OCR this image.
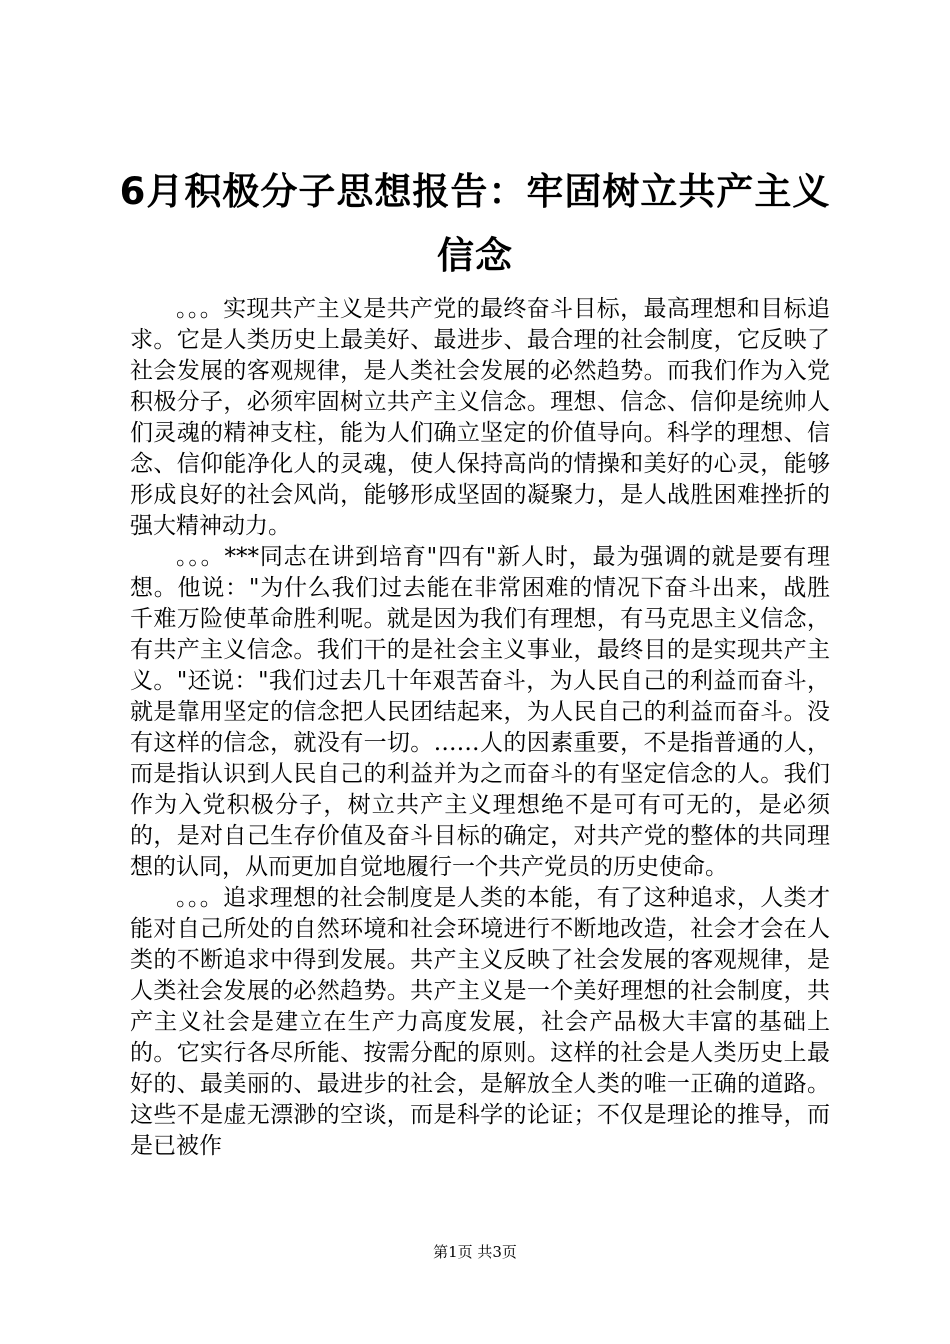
6月积极分子思想报告：牢固树立共产主义信念

。。。实现共产主义是共产党的最终奋斗目标，最高理想和目标追求。它是人类历史上最美好、最进步、最合理的社会制度，它反映了社会发展的客观规律，是人类社会发展的必然趋势。而我们作为入党积极分子，必须牢固树立共产主义信念。理想、信念、信仰是统帅人们灵魂的精神支柱，能为人们确立坚定的价值导向。科学的理想、信念、信仰能净化人的灵魂，使人保持高尚的情操和美好的心灵，能够形成良好的社会风尚，能够形成坚固的凝聚力，是人战胜困难挫折的强大精神动力。

。。。***同志在讲到培育"四有"新人时，最为强调的就是要有理想。他说："为什么我们过去能在非常困难的情况下奋斗出来，战胜千难万险使革命胜利呢。就是因为我们有理想，有马克思主义信念，有共产主义信念。我们干的是社会主义事业，最终目的是实现共产主义。"还说："我们过去几十年艰苦奋斗，为人民自己的利益而奋斗，就是靠用坚定的信念把人民团结起来，为人民自己的利益而奋斗。没有这样的信念，就没有一切。……人的因素重要，不是指普通的人，而是指认识到人民自己的利益并为之而奋斗的有坚定信念的人。我们作为入党积极分子，树立共产主义理想绝不是可有可无的，是必须的，是对自己生存价值及奋斗目标的确定，对共产党的整体的共同理想的认同，从而更加自觉地履行一个共产党员的历史使命。

。。。追求理想的社会制度是人类的本能，有了这种追求，人类才能对自己所处的自然环境和社会环境进行不断地改造，社会才会在人类的不断追求中得到发展。共产主义反映了社会发展的客观规律，是人类社会发展的必然趋势。共产主义是一个美好理想的社会制度，共产主义社会是建立在生产力高度发展，社会产品极大丰富的基础上的。它实行各尽所能、按需分配的原则。这样的社会是人类历史上最好的、最美丽的、最进步的社会，是解放全人类的唯一正确的道路。这些不是虚无漂渺的空谈，而是科学的论证；不仅是理论的推导，而是已被作

第1页 共3页
